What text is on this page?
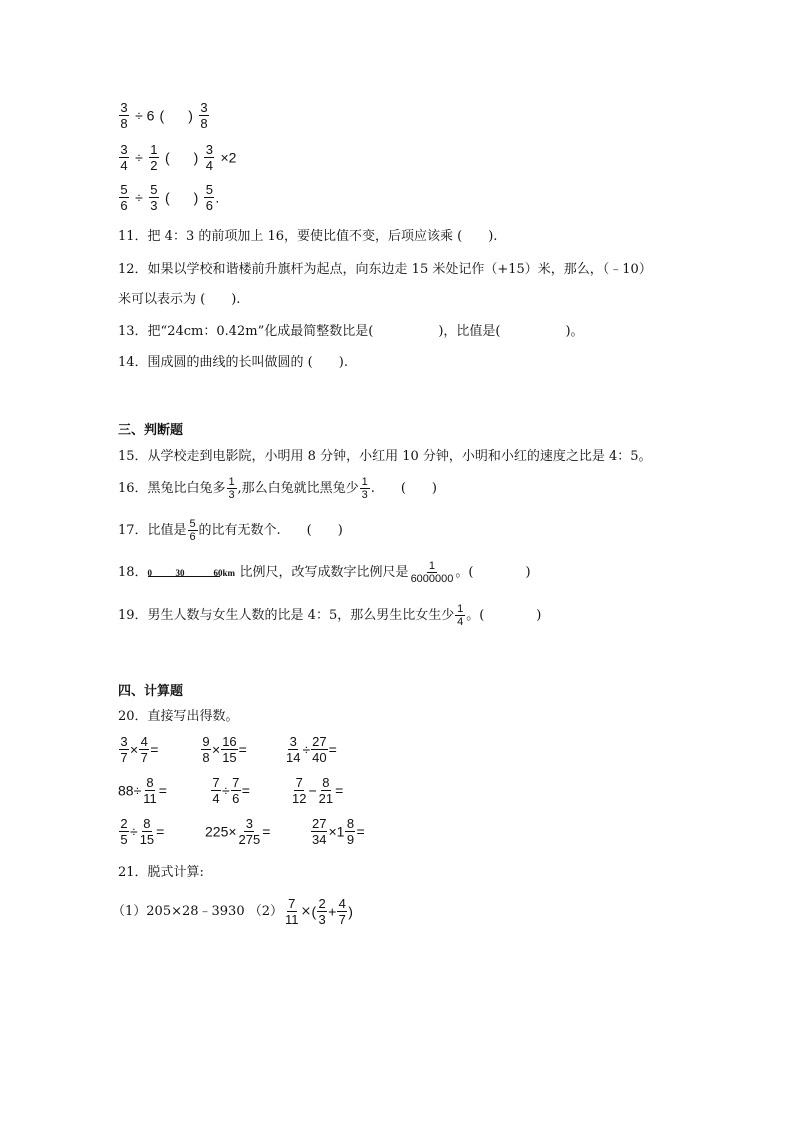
$\frac{3}{8} \div 6$ ( ) $\frac{3}{8}$
$\frac{3}{4} \div \frac{1}{2}$ ( ) $\frac{3}{4} \times 2$
$\frac{5}{6} \div \frac{5}{3}$ ( ) $\frac{5}{6}$ .
11．把 4：3 的前项加上 16，要使比值不变，后项应该乘 (　　).
12．如果以学校和谐楼前升旗杆为起点，向东边走 15 米处记作（+15）米，那么，（﹣10）
米可以表示为 (　　).
13．把“24cm：0.42m”化成最简整数比是(　　　　　)，比值是(　　　　　)。
14．围成圆的曲线的长叫做圆的 (　　).
三、判断题
15．从学校走到电影院，小明用 8 分钟，小红用 10 分钟，小明和小红的速度之比是 4：5。
16．黑兔比白兔多 $\frac{1}{3}$ ,那么白兔就比黑兔少 $\frac{1}{3}$ .　　(　　)
17．比值是 $\frac{5}{6}$ 的比有无数个.　　(　　)
18． 0	30	60km 比例尺，改写成数字比例尺是 $\frac{1}{6000000}$ 。(　　　　)
19．男生人数与女生人数的比是 4：5，那么男生比女生少 $\frac{1}{4}$ 。(　　　　)
四、计算题
20．直接写出得数。
$\frac{3}{7} \times \frac{4}{7}$ =	$\frac{9}{8} \times \frac{16}{15}$ =	$\frac{3}{14} \div \frac{27}{40}$ =
$88\div \frac{8}{11}$ =	$\frac{7}{4} \div \frac{7}{6}$ =	$\frac{7}{12} - \frac{8}{21}$ =
$\frac{2}{5} \div \frac{8}{15}$ =	$225\times \frac{3}{275}$ =	$\frac{27}{34} \times 1 \frac{8}{9}$ =
21．脱式计算:
（1）205×28﹣3930 $(2) \frac{7}{11}$ ×( $\frac{2}{3} + \frac{4}{7}$ )
